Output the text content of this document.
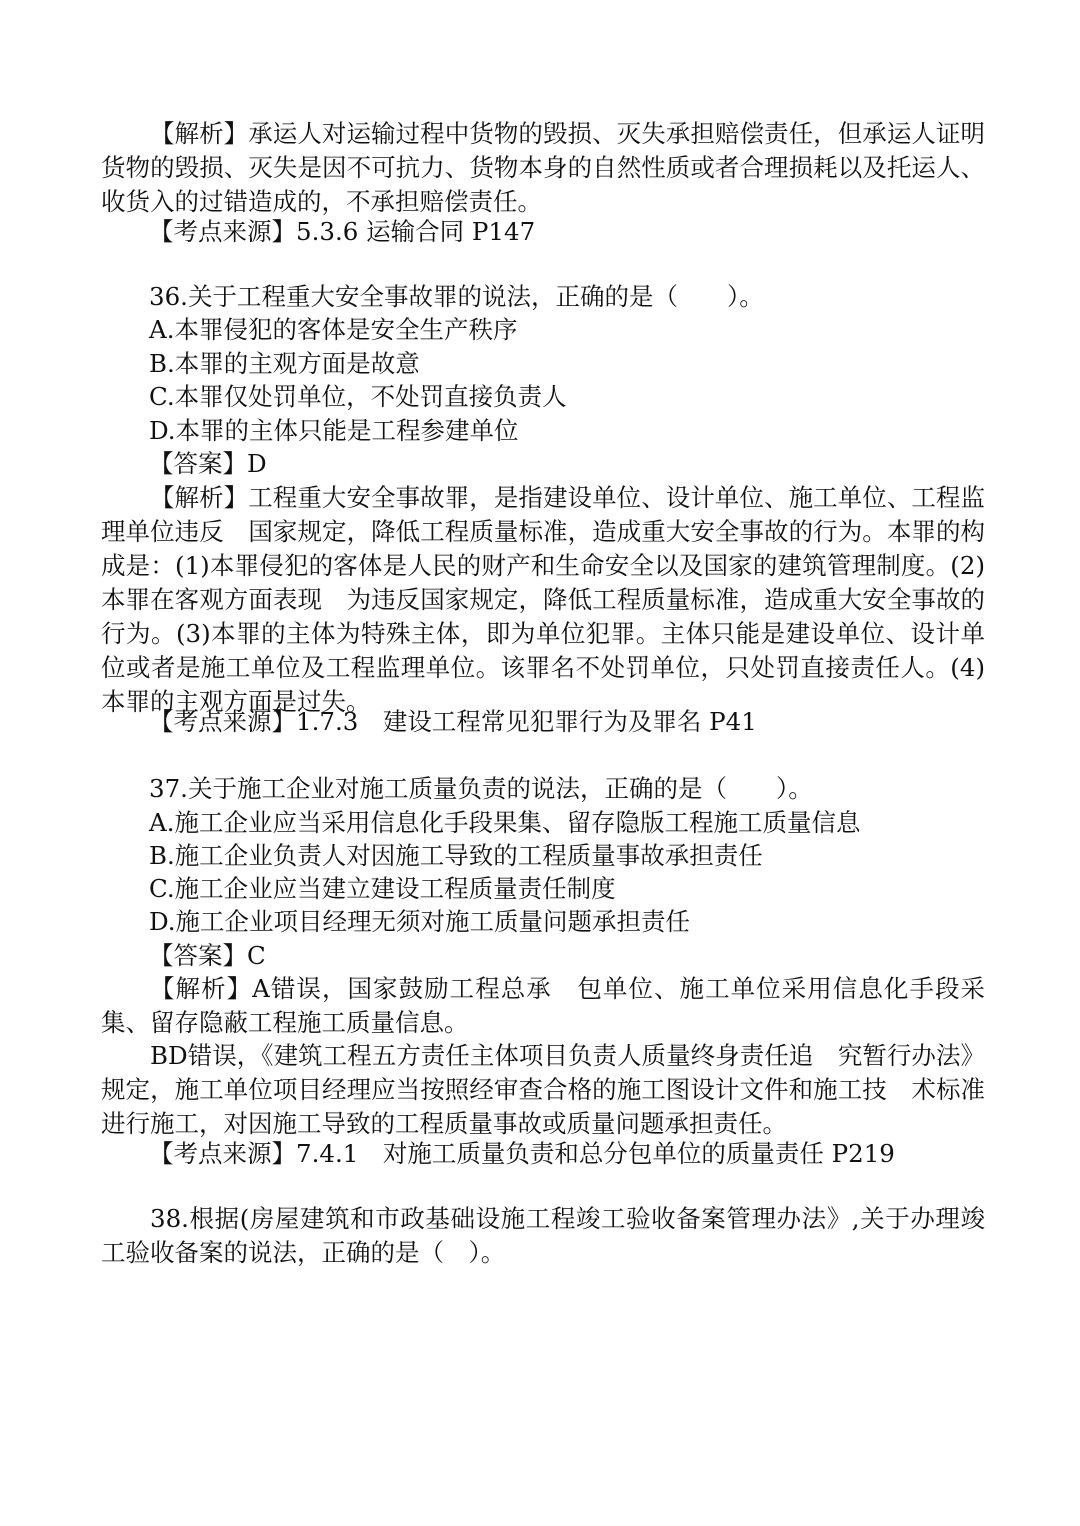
【解析】承运人对运输过程中货物的毁损、灭失承担赔偿责任，但承运人证明货物的毁损、灭失是因不可抗力、货物本身的自然性质或者合理损耗以及托运人、收货入的过错造成的，不承担赔偿责任。

【考点来源】5.3.6 运输合同 P147
36.关于工程重大安全事故罪的说法，正确的是（　　）。
A.本罪侵犯的客体是安全生产秩序
B.本罪的主观方面是故意
C.本罪仅处罚单位，不处罚直接负责人
D.本罪的主体只能是工程参建单位
【答案】D

【解析】工程重大安全事故罪，是指建设单位、设计单位、施工单位、工程监理单位违反　国家规定，降低工程质量标准，造成重大安全事故的行为。本罪的构成是：(1)本罪侵犯的客体是人民的财产和生命安全以及国家的建筑管理制度。(2)本罪在客观方面表现　为违反国家规定，降低工程质量标准，造成重大安全事故的行为。(3)本罪的主体为特殊主体，即为单位犯罪。主体只能是建设单位、设计单位或者是施工单位及工程监理单位。该罪名不处罚单位，只处罚直接责任人。(4)本罪的主观方面是过失。

【考点来源】1.7.3　建设工程常见犯罪行为及罪名 P41
37.关于施工企业对施工质量负责的说法，正确的是（　　）。
A.施工企业应当采用信息化手段果集、留存隐版工程施工质量信息
B.施工企业负责人对因施工导致的工程质量事故承担责任
C.施工企业应当建立建设工程质量责任制度
D.施工企业项目经理无须对施工质量问题承担责任
【答案】C

【解析】A错误，国家鼓励工程总承　包单位、施工单位采用信息化手段采集、留存隐蔽工程施工质量信息。

BD错误，《建筑工程五方责任主体项目负责人质量终身责任追　究暂行办法》规定，施工单位项目经理应当按照经审查合格的施工图设计文件和施工技　术标准进行施工，对因施工导致的工程质量事故或质量问题承担责任。

【考点来源】7.4.1　对施工质量负责和总分包单位的质量责任 P219

38.根据(房屋建筑和市政基础设施工程竣工验收备案管理办法》,关于办理竣工验收备案的说法，正确的是（　）。
